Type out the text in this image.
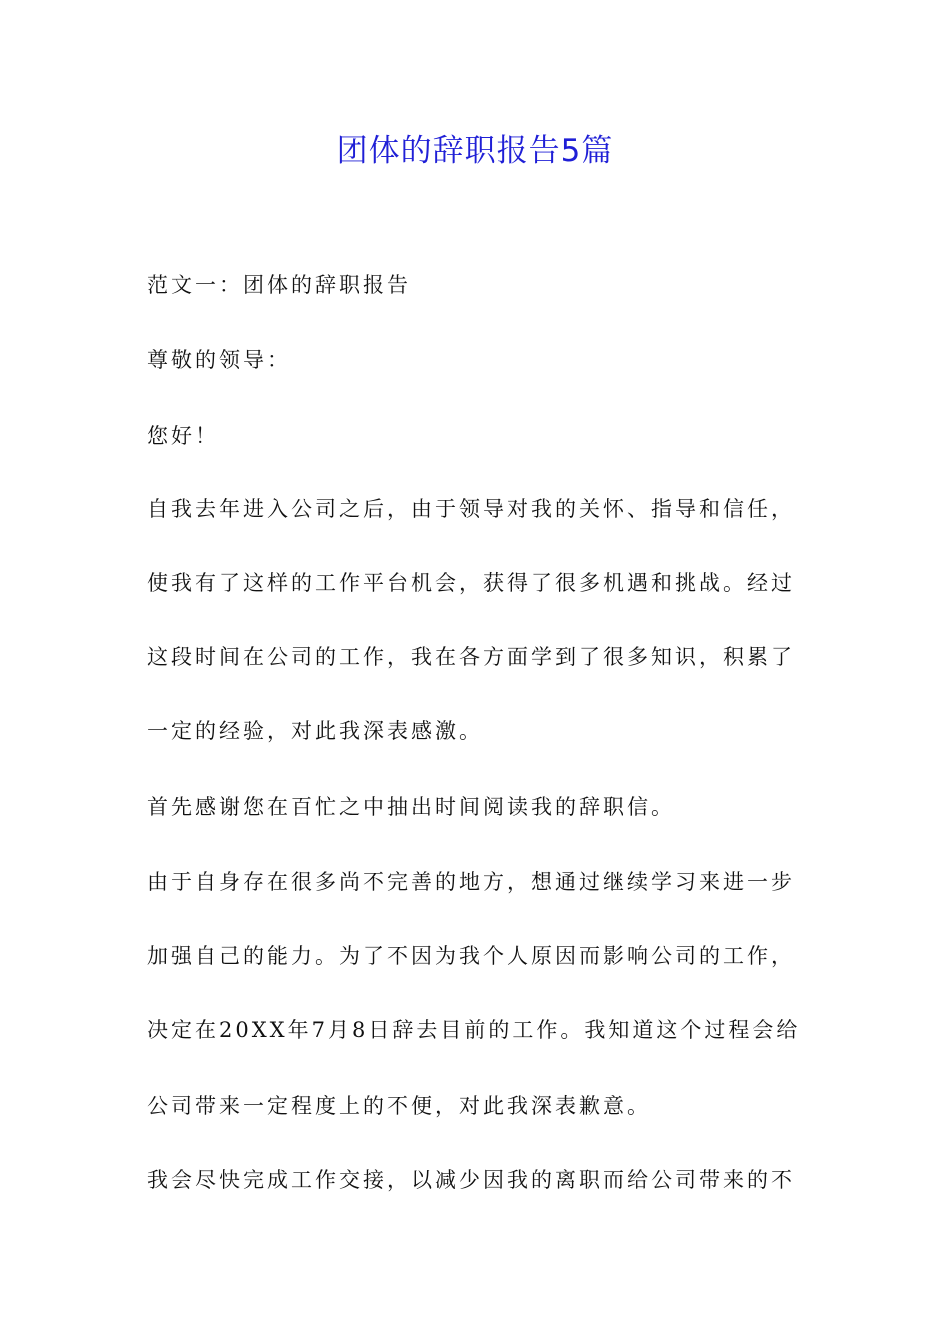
团体的辞职报告5篇

范文一：团体的辞职报告

尊敬的领导：

您好！

自我去年进入公司之后，由于领导对我的关怀、指导和信任，

使我有了这样的工作平台机会，获得了很多机遇和挑战。经过

这段时间在公司的工作，我在各方面学到了很多知识，积累了

一定的经验，对此我深表感激。

首先感谢您在百忙之中抽出时间阅读我的辞职信。

由于自身存在很多尚不完善的地方，想通过继续学习来进一步

加强自己的能力。为了不因为我个人原因而影响公司的工作，

决定在20XX年7月8日辞去目前的工作。我知道这个过程会给

公司带来一定程度上的不便，对此我深表歉意。

我会尽快完成工作交接，以减少因我的离职而给公司带来的不
